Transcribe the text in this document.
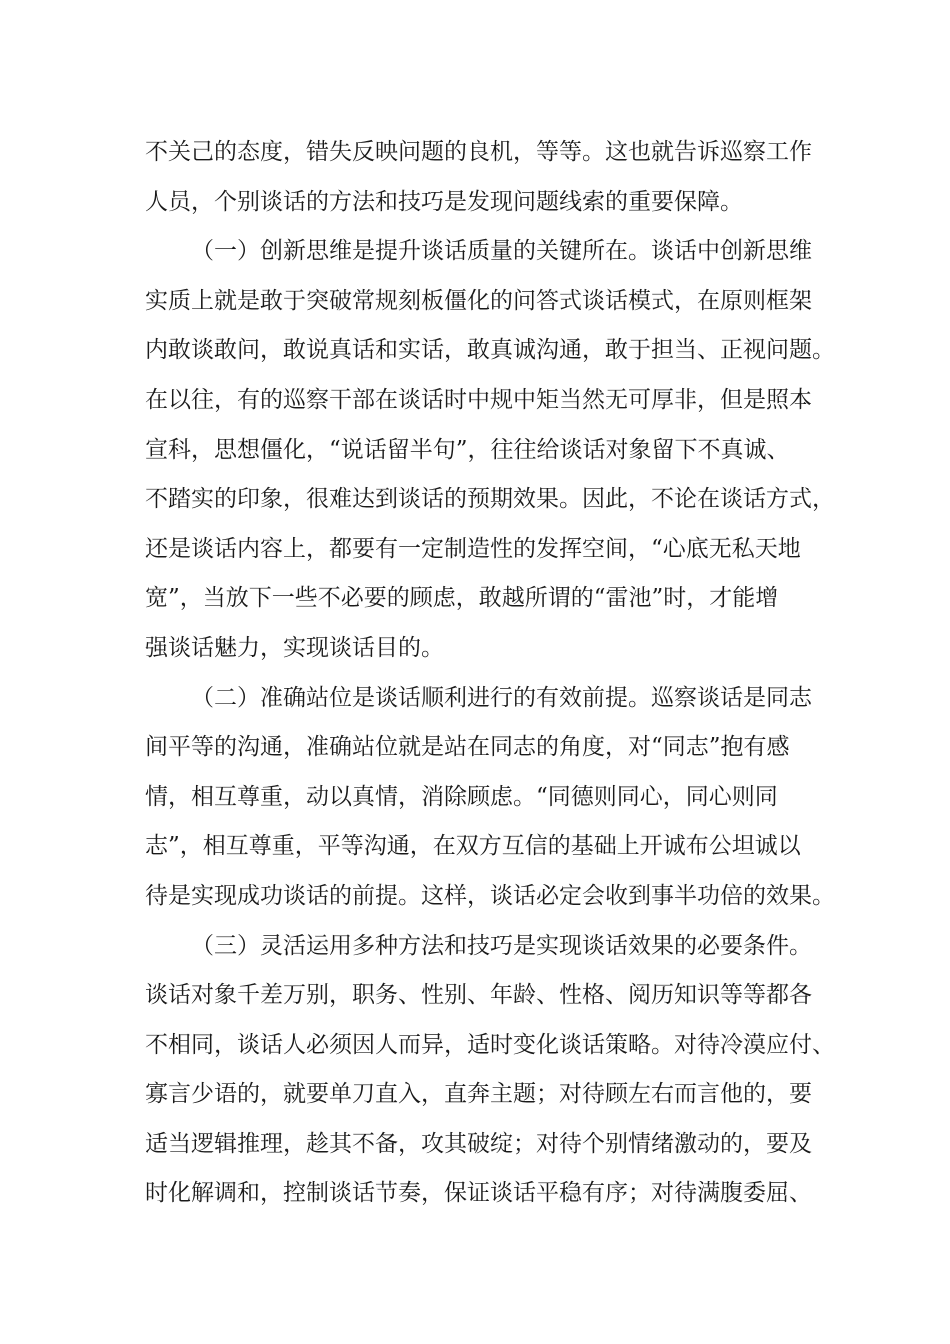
不关己的态度，错失反映问题的良机，等等。这也就告诉巡察工作
人员，个别谈话的方法和技巧是发现问题线索的重要保障。
（一）创新思维是提升谈话质量的关键所在。谈话中创新思维
实质上就是敢于突破常规刻板僵化的问答式谈话模式，在原则框架
内敢谈敢问，敢说真话和实话，敢真诚沟通，敢于担当、正视问题。
在以往，有的巡察干部在谈话时中规中矩当然无可厚非，但是照本
宣科，思想僵化，“说话留半句”，往往给谈话对象留下不真诚、
不踏实的印象，很难达到谈话的预期效果。因此，不论在谈话方式，
还是谈话内容上，都要有一定制造性的发挥空间，“心底无私天地
宽”，当放下一些不必要的顾虑，敢越所谓的“雷池”时，才能增
强谈话魅力，实现谈话目的。
（二）准确站位是谈话顺利进行的有效前提。巡察谈话是同志
间平等的沟通，准确站位就是站在同志的角度，对“同志”抱有感
情，相互尊重，动以真情，消除顾虑。“同德则同心，同心则同
志”，相互尊重，平等沟通，在双方互信的基础上开诚布公坦诚以
待是实现成功谈话的前提。这样，谈话必定会收到事半功倍的效果。
（三）灵活运用多种方法和技巧是实现谈话效果的必要条件。
谈话对象千差万别，职务、性别、年龄、性格、阅历知识等等都各
不相同，谈话人必须因人而异，适时变化谈话策略。对待冷漠应付、
寡言少语的，就要单刀直入，直奔主题；对待顾左右而言他的，要
适当逻辑推理，趁其不备，攻其破绽；对待个别情绪激动的，要及
时化解调和，控制谈话节奏，保证谈话平稳有序；对待满腹委屈、
